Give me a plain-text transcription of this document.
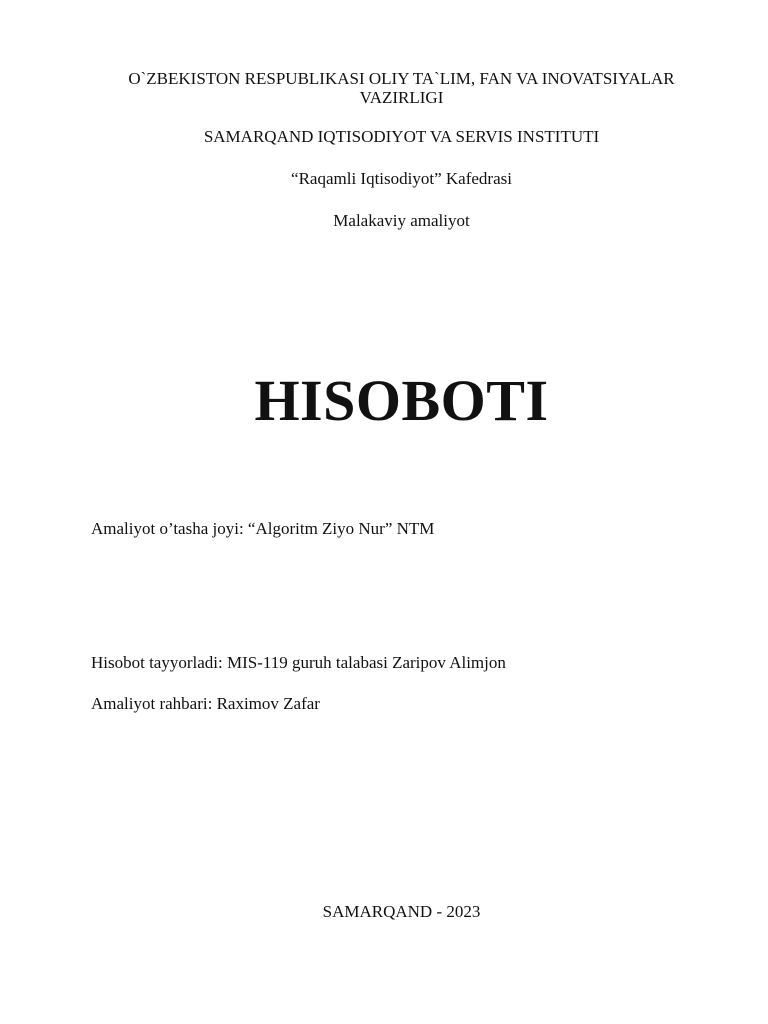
O`ZBEKISTON RESPUBLIKASI OLIY TA`LIM, FAN VA INOVATSIYALAR VAZIRLIGI
SAMARQAND IQTISODIYOT VA SERVIS INSTITUTI
“Raqamli Iqtisodiyot” Kafedrasi
Malakaviy amaliyot
HISOBOTI
Amaliyot o’tasha joyi: “Algoritm Ziyo Nur” NTM
Hisobot tayyorladi: MIS-119 guruh talabasi Zaripov Alimjon
Amaliyot rahbari: Raximov Zafar
SAMARQAND - 2023
